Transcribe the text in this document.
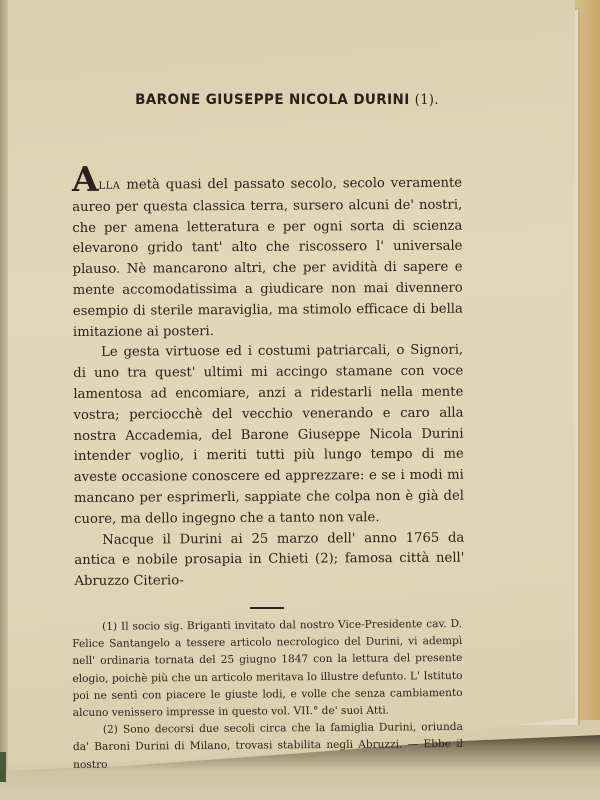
BARONE GIUSEPPE NICOLA DURINI (1).

ALLA metà quasi del passato secolo, secolo veramente aureo per questa classica terra, sursero alcuni de' nostri, che per amena letteratura e per ogni sorta di scienza elevarono grido tant' alto che riscossero l' universale plauso. Nè mancarono altri, che per avidità di sapere e mente accomodatissima a giudicare non mai divennero esempio di sterile maraviglia, ma stimolo efficace di bella imitazione ai posteri.

Le gesta virtuose ed i costumi patriarcali, o Signori, di uno tra quest' ultimi mi accingo stamane con voce lamentosa ad encomiare, anzi a ridestarli nella mente vostra; perciocchè del vecchio venerando e caro alla nostra Accademia, del Barone Giuseppe Nicola Durini intender voglio, i meriti tutti più lungo tempo di me aveste occasione conoscere ed apprezzare: e se i modi mi mancano per esprimerli, sappiate che colpa non è già del cuore, ma dello ingegno che a tanto non vale.

Nacque il Durini ai 25 marzo dell' anno 1765 da antica e nobile prosapia in Chieti (2); famosa città nell' Abruzzo Citerio-

(1) Il socio sig. Briganti invitato dal nostro Vice-Presidente cav. D. Felice Santangelo a tessere articolo necrologico del Durini, vi adempì nell' ordinaria tornata del 25 giugno 1847 con la lettura del presente elogio, poichè più che un articolo meritava lo illustre defunto. L' Istituto poi ne sentì con piacere le giuste lodi, e volle che senza cambiamento alcuno venissero impresse in questo vol. VII.° de' suoi Atti.

(2) Sono decorsi due secoli circa che la famiglia Durini, oriunda da' Baroni Durini di Milano, trovasi stabilita negli Abruzzi. — Ebbe il nostro
